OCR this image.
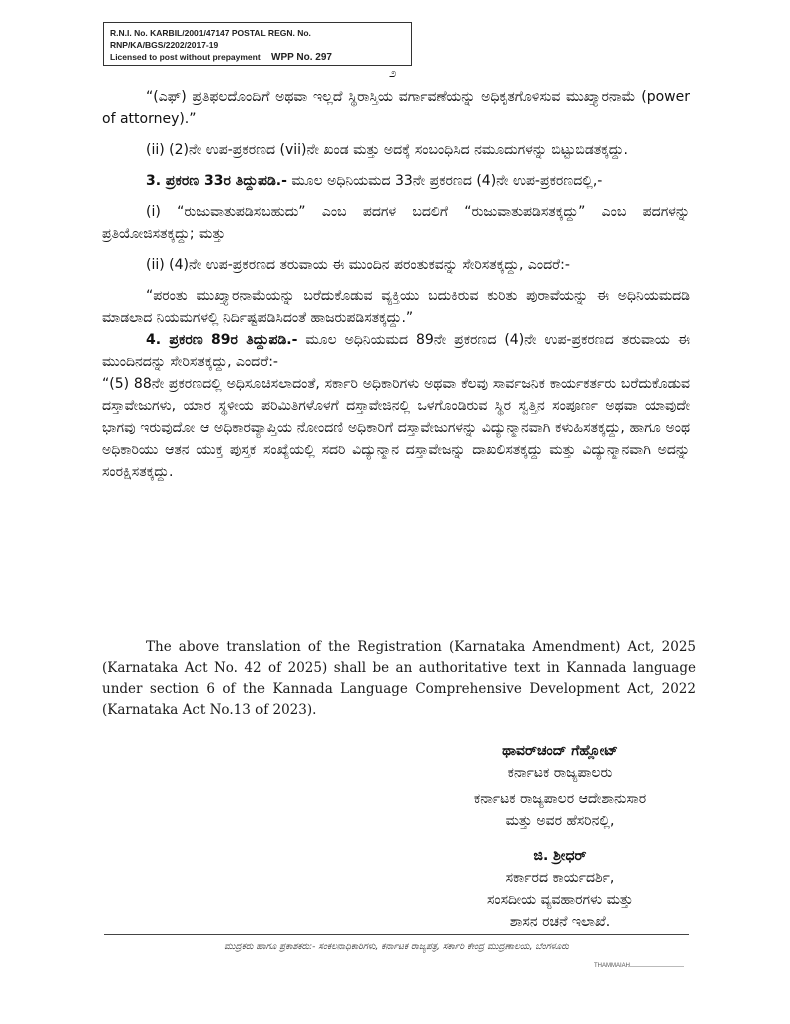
R.N.I. No. KARBIL/2001/47147 POSTAL REGN. No. RNP/KA/BGS/2202/2017-19
Licensed to post without prepayment WPP No. 297
೨

“(ಎಫ್) ಪ್ರತಿಫಲದೊಂದಿಗೆ ಅಥವಾ ಇಲ್ಲದೆ ಸ್ಥಿರಾಸ್ತಿಯ ವರ್ಗಾವಣೆಯನ್ನು ಅಧಿಕೃತಗೊಳಿಸುವ ಮುಖ್ತ್ಯಾರನಾಮೆ (power of attorney).”

(ii) (2)ನೇ ಉಪ-ಪ್ರಕರಣದ (vii)ನೇ ಖಂಡ ಮತ್ತು ಅದಕ್ಕೆ ಸಂಬಂಧಿಸಿದ ನಮೂದುಗಳನ್ನು ಬಿಟ್ಟುಬಿಡತಕ್ಕದ್ದು.

3. ಪ್ರಕರಣ 33ರ ತಿದ್ದುಪಡಿ.- ಮೂಲ ಅಧಿನಿಯಮದ 33ನೇ ಪ್ರಕರಣದ (4)ನೇ ಉಪ-ಪ್ರಕರಣದಲ್ಲಿ,-

(i) “ರುಜುವಾತುಪಡಿಸಬಹುದು” ಎಂಬ ಪದಗಳ ಬದಲಿಗೆ “ರುಜುವಾತುಪಡಿಸತಕ್ಕದ್ದು” ಎಂಬ ಪದಗಳನ್ನು ಪ್ರತಿಯೋಜಿಸತಕ್ಕದ್ದು; ಮತ್ತು

(ii) (4)ನೇ ಉಪ-ಪ್ರಕರಣದ ತರುವಾಯ ಈ ಮುಂದಿನ ಪರಂತುಕವನ್ನು ಸೇರಿಸತಕ್ಕದ್ದು, ಎಂದರೆ:-

“ಪರಂತು ಮುಖ್ತ್ಯಾರನಾಮೆಯನ್ನು ಬರೆದುಕೊಡುವ ವ್ಯಕ್ತಿಯು ಬದುಕಿರುವ ಕುರಿತು ಪುರಾವೆಯನ್ನು ಈ ಅಧಿನಿಯಮದಡಿ ಮಾಡಲಾದ ನಿಯಮಗಳಲ್ಲಿ ನಿರ್ದಿಷ್ಟಪಡಿಸಿದಂತೆ ಹಾಜರುಪಡಿಸತಕ್ಕದ್ದು.”

4. ಪ್ರಕರಣ 89ರ ತಿದ್ದುಪಡಿ.- ಮೂಲ ಅಧಿನಿಯಮದ 89ನೇ ಪ್ರಕರಣದ (4)ನೇ ಉಪ-ಪ್ರಕರಣದ ತರುವಾಯ ಈ ಮುಂದಿನದನ್ನು ಸೇರಿಸತಕ್ಕದ್ದು, ಎಂದರೆ:-

“(5) 88ನೇ ಪ್ರಕರಣದಲ್ಲಿ ಅಧಿಸೂಚಿಸಲಾದಂತೆ, ಸರ್ಕಾರಿ ಅಧಿಕಾರಿಗಳು ಅಥವಾ ಕೆಲವು ಸಾರ್ವಜನಿಕ ಕಾರ್ಯಕರ್ತರು ಬರೆದುಕೊಡುವ ದಸ್ತಾವೇಜುಗಳು, ಯಾರ ಸ್ಥಳೀಯ ಪರಿಮಿತಿಗಳೊಳಗೆ ದಸ್ತಾವೇಜಿನಲ್ಲಿ ಒಳಗೊಂಡಿರುವ ಸ್ಥಿರ ಸ್ವತ್ತಿನ ಸಂಪೂರ್ಣ ಅಥವಾ ಯಾವುದೇ ಭಾಗವು ಇರುವುದೋ ಆ ಅಧಿಕಾರವ್ಯಾಪ್ತಿಯ ನೋಂದಣಿ ಅಧಿಕಾರಿಗೆ ದಸ್ತಾವೇಜುಗಳನ್ನು ವಿದ್ಯುನ್ಮಾನವಾಗಿ ಕಳುಹಿಸತಕ್ಕದ್ದು, ಹಾಗೂ ಅಂಥ ಅಧಿಕಾರಿಯು ಆತನ ಯುಕ್ತ ಪುಸ್ತಕ ಸಂಖ್ಯೆಯಲ್ಲಿ ಸದರಿ ವಿದ್ಯುನ್ಮಾನ ದಸ್ತಾವೇಜನ್ನು ದಾಖಲಿಸತಕ್ಕದ್ದು ಮತ್ತು ವಿದ್ಯುನ್ಮಾನವಾಗಿ ಅದನ್ನು ಸಂರಕ್ಷಿಸತಕ್ಕದ್ದು.

The above translation of the Registration (Karnataka Amendment) Act, 2025 (Karnataka Act No. 42 of 2025) shall be an authoritative text in Kannada language under section 6 of the Kannada Language Comprehensive Development Act, 2022 (Karnataka Act No.13 of 2023).

ಥಾವರ್‌ಚಂದ್ ಗೆಹ್ಲೋಟ್
ಕರ್ನಾಟಕ ರಾಜ್ಯಪಾಲರು
ಕರ್ನಾಟಕ ರಾಜ್ಯಪಾಲರ ಆದೇಶಾನುಸಾರ
ಮತ್ತು ಅವರ ಹೆಸರಿನಲ್ಲಿ,
ಜಿ. ಶ್ರೀಧರ್
ಸರ್ಕಾರದ ಕಾರ್ಯದರ್ಶಿ,
ಸಂಸದೀಯ ವ್ಯವಹಾರಗಳು ಮತ್ತು
ಶಾಸನ ರಚನೆ ಇಲಾಖೆ.
ಮುದ್ರಕರು ಹಾಗೂ ಪ್ರಕಾಶಕರು:- ಸಂಕಲನಾಧಿಕಾರಿಗಳು, ಕರ್ನಾಟಕ ರಾಜ್ಯಪತ್ರ, ಸರ್ಕಾರಿ ಕೇಂದ್ರ ಮುದ್ರಣಾಲಯ, ಬೆಂಗಳೂರು
THAMMAIAH
